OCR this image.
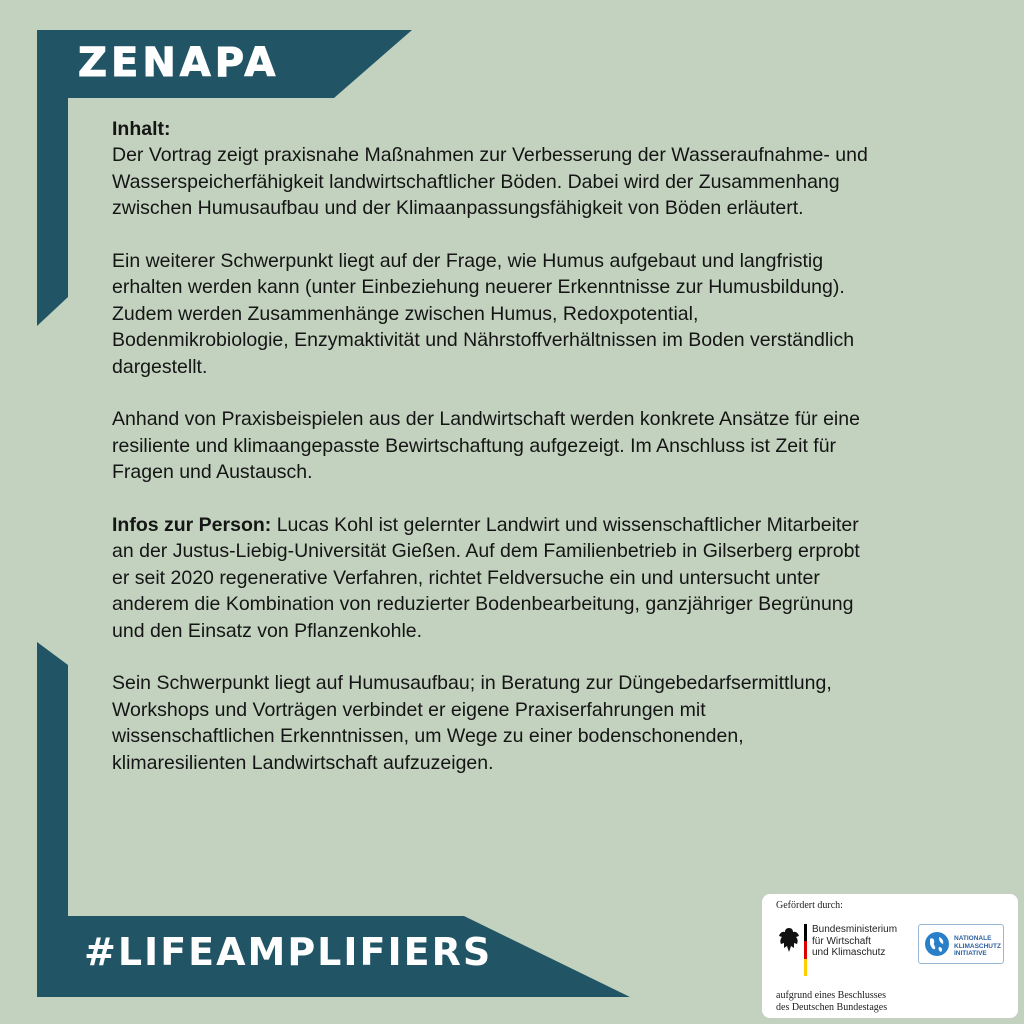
ZENAPA

Inhalt:
Der Vortrag zeigt praxisnahe Maßnahmen zur Verbesserung der Wasseraufnahme- und Wasserspeicherfähigkeit landwirtschaftlicher Böden. Dabei wird der Zusammenhang zwischen Humusaufbau und der Klimaanpassungsfähigkeit von Böden erläutert.

Ein weiterer Schwerpunkt liegt auf der Frage, wie Humus aufgebaut und langfristig erhalten werden kann (unter Einbeziehung neuerer Erkenntnisse zur Humusbildung). Zudem werden Zusammenhänge zwischen Humus, Redoxpotential, Bodenmikrobiologie, Enzymaktivität und Nährstoffverhältnissen im Boden verständlich dargestellt.

Anhand von Praxisbeispielen aus der Landwirtschaft werden konkrete Ansätze für eine resiliente und klimaangepasste Bewirtschaftung aufgezeigt. Im Anschluss ist Zeit für Fragen und Austausch.

Infos zur Person: Lucas Kohl ist gelernter Landwirt und wissenschaftlicher Mitarbeiter an der Justus-Liebig-Universität Gießen. Auf dem Familienbetrieb in Gilserberg erprobt er seit 2020 regenerative Verfahren, richtet Feldversuche ein und untersucht unter anderem die Kombination von reduzierter Bodenbearbeitung, ganzjähriger Begrünung und den Einsatz von Pflanzenkohle.

Sein Schwerpunkt liegt auf Humusaufbau; in Beratung zur Düngebedarfsermittlung, Workshops und Vorträgen verbindet er eigene Praxiserfahrungen mit wissenschaftlichen Erkenntnissen, um Wege zu einer bodenschonenden, klimaresilienten Landwirtschaft aufzuzeigen.

#LIFEAMPLIFIERS
Gefördert durch:
Bundesministerium
für Wirtschaft
und Klimaschutz
NATIONALE
KLIMASCHUTZ
INITIATIVE
aufgrund eines Beschlusses
des Deutschen Bundestages
